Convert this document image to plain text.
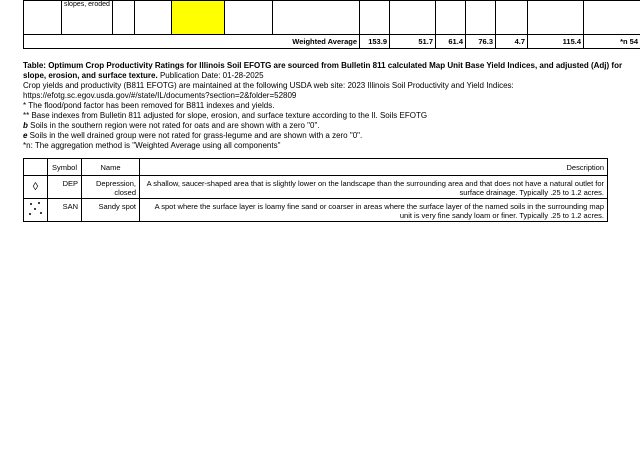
	slopes, eroded												
Weighted Average							153.9	51.7	61.4	76.3	4.7	115.4	*n 54

Table: Optimum Crop Productivity Ratings for Illinois Soil EFOTG are sourced from Bulletin 811 calculated Map Unit Base Yield Indices, and adjusted (Adj) for slope, erosion, and surface texture. Publication Date: 01-28-2025

Crop yields and productivity (B811 EFOTG) are maintained at the following USDA web site: 2023 Illinois Soil Productivity and Yield Indices:

https://efotg.sc.egov.usda.gov/#/state/IL/documents?section=2&folder=52809

* The flood/pond factor has been removed for B811 indexes and yields.

** Base indexes from Bulletin 811 adjusted for slope, erosion, and surface texture according to the Il. Soils EFOTG

b Soils in the southern region were not rated for oats and are shown with a zero "0".

e Soils in the well drained group were not rated for grass-legume and are shown with a zero "0".

*n: The aggregation method is "Weighted Average using all components"

	Symbol	Name	Description
◊	DEP	Depression, closed	A shallow, saucer-shaped area that is slightly lower on the landscape than the surrounding area and that does not have a natural outlet for surface drainage. Typically .25 to 1.2 acres.

	SAN	Sandy spot	A spot where the surface layer is loamy fine sand or coarser in areas where the surface layer of the named soils in the surrounding map unit is very fine sandy loam or finer. Typically .25 to 1.2 acres.
